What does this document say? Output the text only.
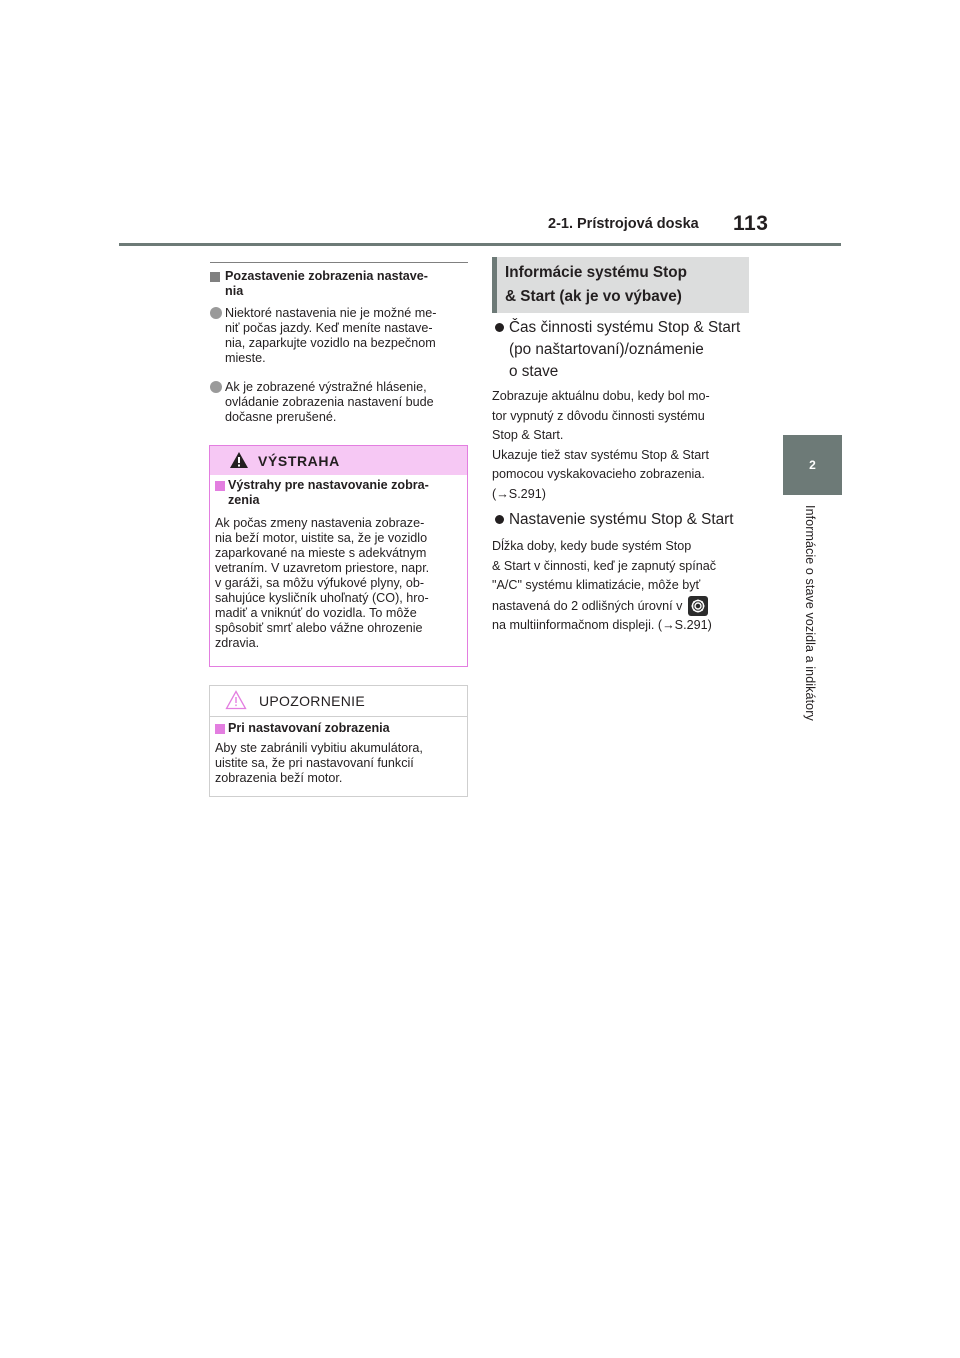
2-1. Prístrojová doska 113
2
Informácie o stave vozidla a indikátory
Pozastavenie zobrazenia nastave-
nia
Niektoré nastavenia nie je možné me-
niť počas jazdy. Keď meníte nastave-
nia, zaparkujte vozidlo na bezpečnom
mieste.
Ak je zobrazené výstražné hlásenie,
ovládanie zobrazenia nastavení bude
dočasne prerušené.
VÝSTRAHA
Výstrahy pre nastavovanie zobra-
zenia
Ak počas zmeny nastavenia zobraze-
nia beží motor, uistite sa, že je vozidlo
zaparkované na mieste s adekvátnym
vetraním. V uzavretom priestore, napr.
v garáži, sa môžu výfukové plyny, ob-
sahujúce kysličník uhoľnatý (CO), hro-
madiť a vniknúť do vozidla. To môže
spôsobiť smrť alebo vážne ohrozenie
zdravia.
UPOZORNENIE
Pri nastavovaní zobrazenia
Aby ste zabránili vybitiu akumulátora,
uistite sa, že pri nastavovaní funkcií
zobrazenia beží motor.
Informácie systému Stop
& Start (ak je vo výbave)
Čas činnosti systému Stop & Start
(po naštartovaní)/oznámenie
o stave
Zobrazuje aktuálnu dobu, kedy bol mo-
tor vypnutý z dôvodu činnosti systému
Stop & Start.
Ukazuje tiež stav systému Stop & Start
pomocou vyskakovacieho zobrazenia.
(→S.291)
Nastavenie systému Stop & Start
Dĺžka doby, kedy bude systém Stop
& Start v činnosti, keď je zapnutý spínač
"A/C" systému klimatizácie, môže byť
nastavená do 2 odlišných úrovní v

na multiinformačnom displeji. (→S.291)
